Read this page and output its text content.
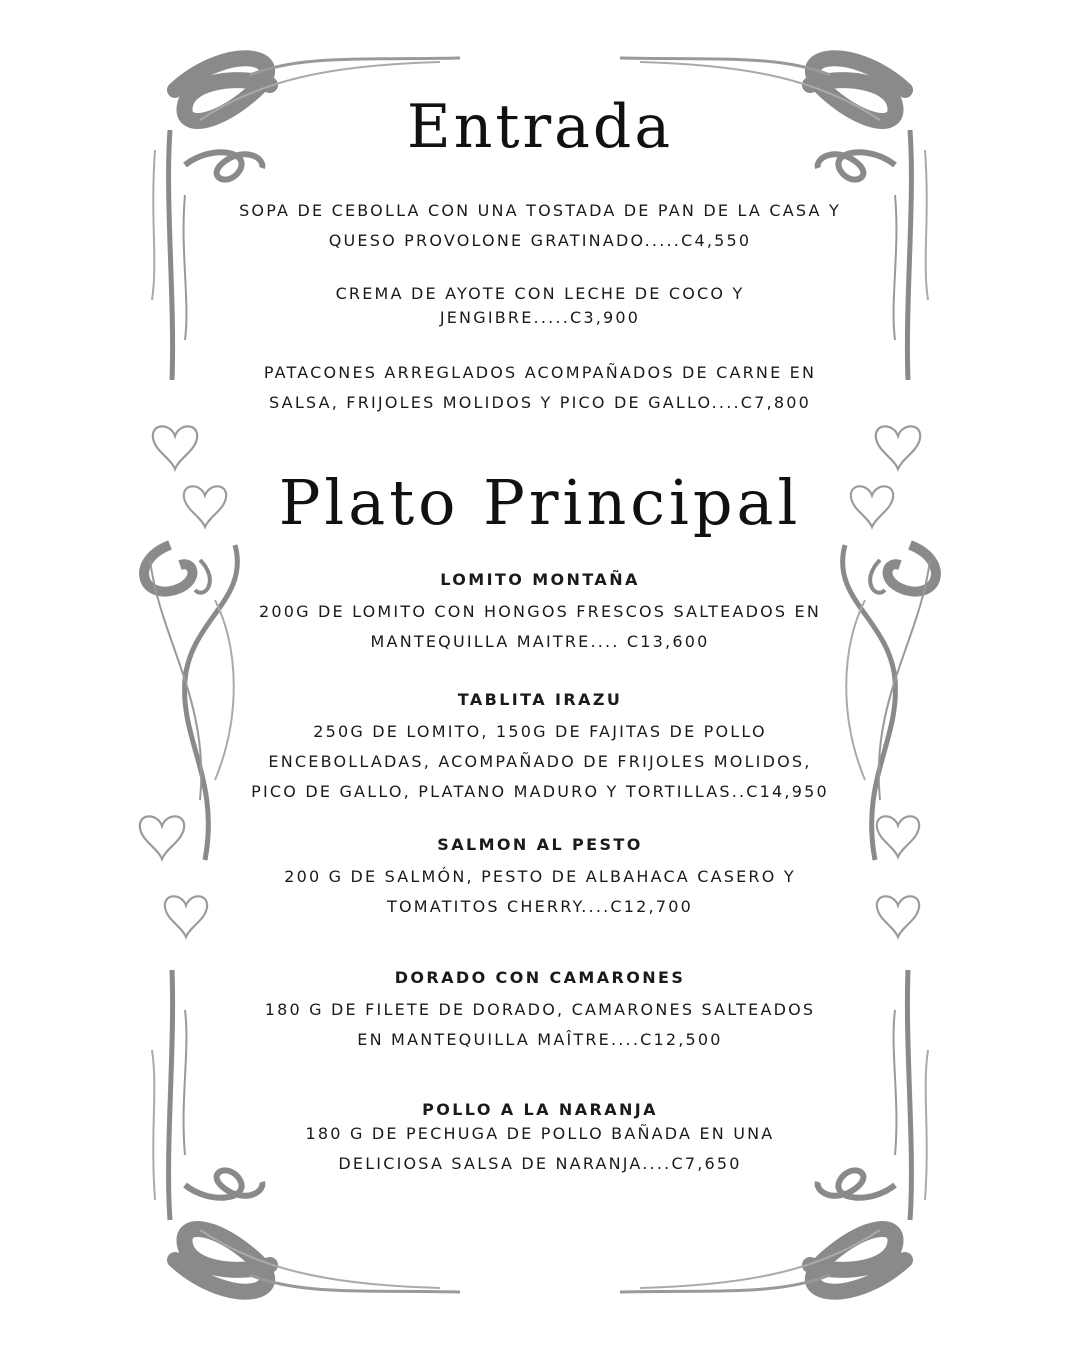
Entrada
SOPA DE CEBOLLA CON UNA TOSTADA DE PAN DE LA CASA Y
QUESO PROVOLONE GRATINADO.....C4,550
CREMA DE AYOTE CON LECHE DE COCO Y
JENGIBRE.....C3,900
PATACONES ARREGLADOS ACOMPAÑADOS DE CARNE EN
SALSA, FRIJOLES MOLIDOS Y PICO DE GALLO....C7,800
Plato Principal
LOMITO MONTAÑA
200G DE LOMITO CON HONGOS FRESCOS SALTEADOS EN
MANTEQUILLA MAITRE.... C13,600
TABLITA IRAZU
250G DE LOMITO, 150G DE FAJITAS DE POLLO
ENCEBOLLADAS, ACOMPAÑADO DE FRIJOLES MOLIDOS,
PICO DE GALLO, PLATANO MADURO Y TORTILLAS..C14,950
SALMON AL PESTO
200 G DE SALMÓN, PESTO DE ALBAHACA CASERO Y
TOMATITOS CHERRY....C12,700
DORADO CON CAMARONES
180 G DE FILETE DE DORADO, CAMARONES SALTEADOS
EN MANTEQUILLA MAÎTRE....C12,500
POLLO A LA NARANJA
180 G DE PECHUGA DE POLLO BAÑADA EN UNA
DELICIOSA SALSA DE NARANJA....C7,650
